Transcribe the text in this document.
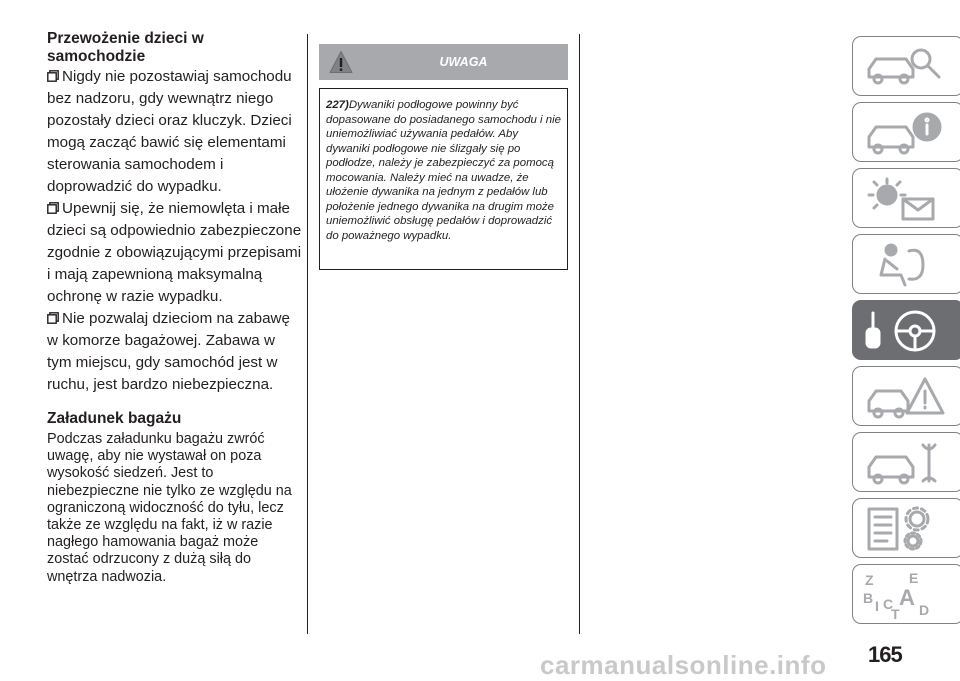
Przewożenie dzieci w samochodzie

Nigdy nie pozostawiaj samochodu bez nadzoru, gdy wewnątrz niego pozostały dzieci oraz kluczyk. Dzieci mogą zacząć bawić się elementami sterowania samochodem i doprowadzić do wypadku.

Upewnij się, że niemowlęta i małe dzieci są odpowiednio zabezpieczone zgodnie z obowiązującymi przepisami i mają zapewnioną maksymalną ochronę w razie wypadku.

Nie pozwalaj dzieciom na zabawę w komorze bagażowej. Zabawa w tym miejscu, gdy samochód jest w ruchu, jest bardzo niebezpieczna.

Załadunek bagażu

Podczas załadunku bagażu zwróć uwagę, aby nie wystawał on poza wysokość siedzeń. Jest to niebezpieczne nie tylko ze względu na ograniczoną widoczność do tyłu, lecz także ze względu na fakt, iż w razie nagłego hamowania bagaż może zostać odrzucony z dużą siłą do wnętrza nadwozia.

UWAGA
227)Dywaniki podłogowe powinny być dopasowane do posiadanego samochodu i nie uniemożliwiać używania pedałów. Aby dywaniki podłogowe nie ślizgały się po podłodze, należy je zabezpieczyć za pomocą mocowania. Należy mieć na uwadze, że ułożenie dywanika na jednym z pedałów lub położenie jednego dywanika na drugim może uniemożliwić obsługę pedałów i doprowadzić do poważnego wypadku.
Z	E
B A
I C D
T
165
carmanualsonline.info
